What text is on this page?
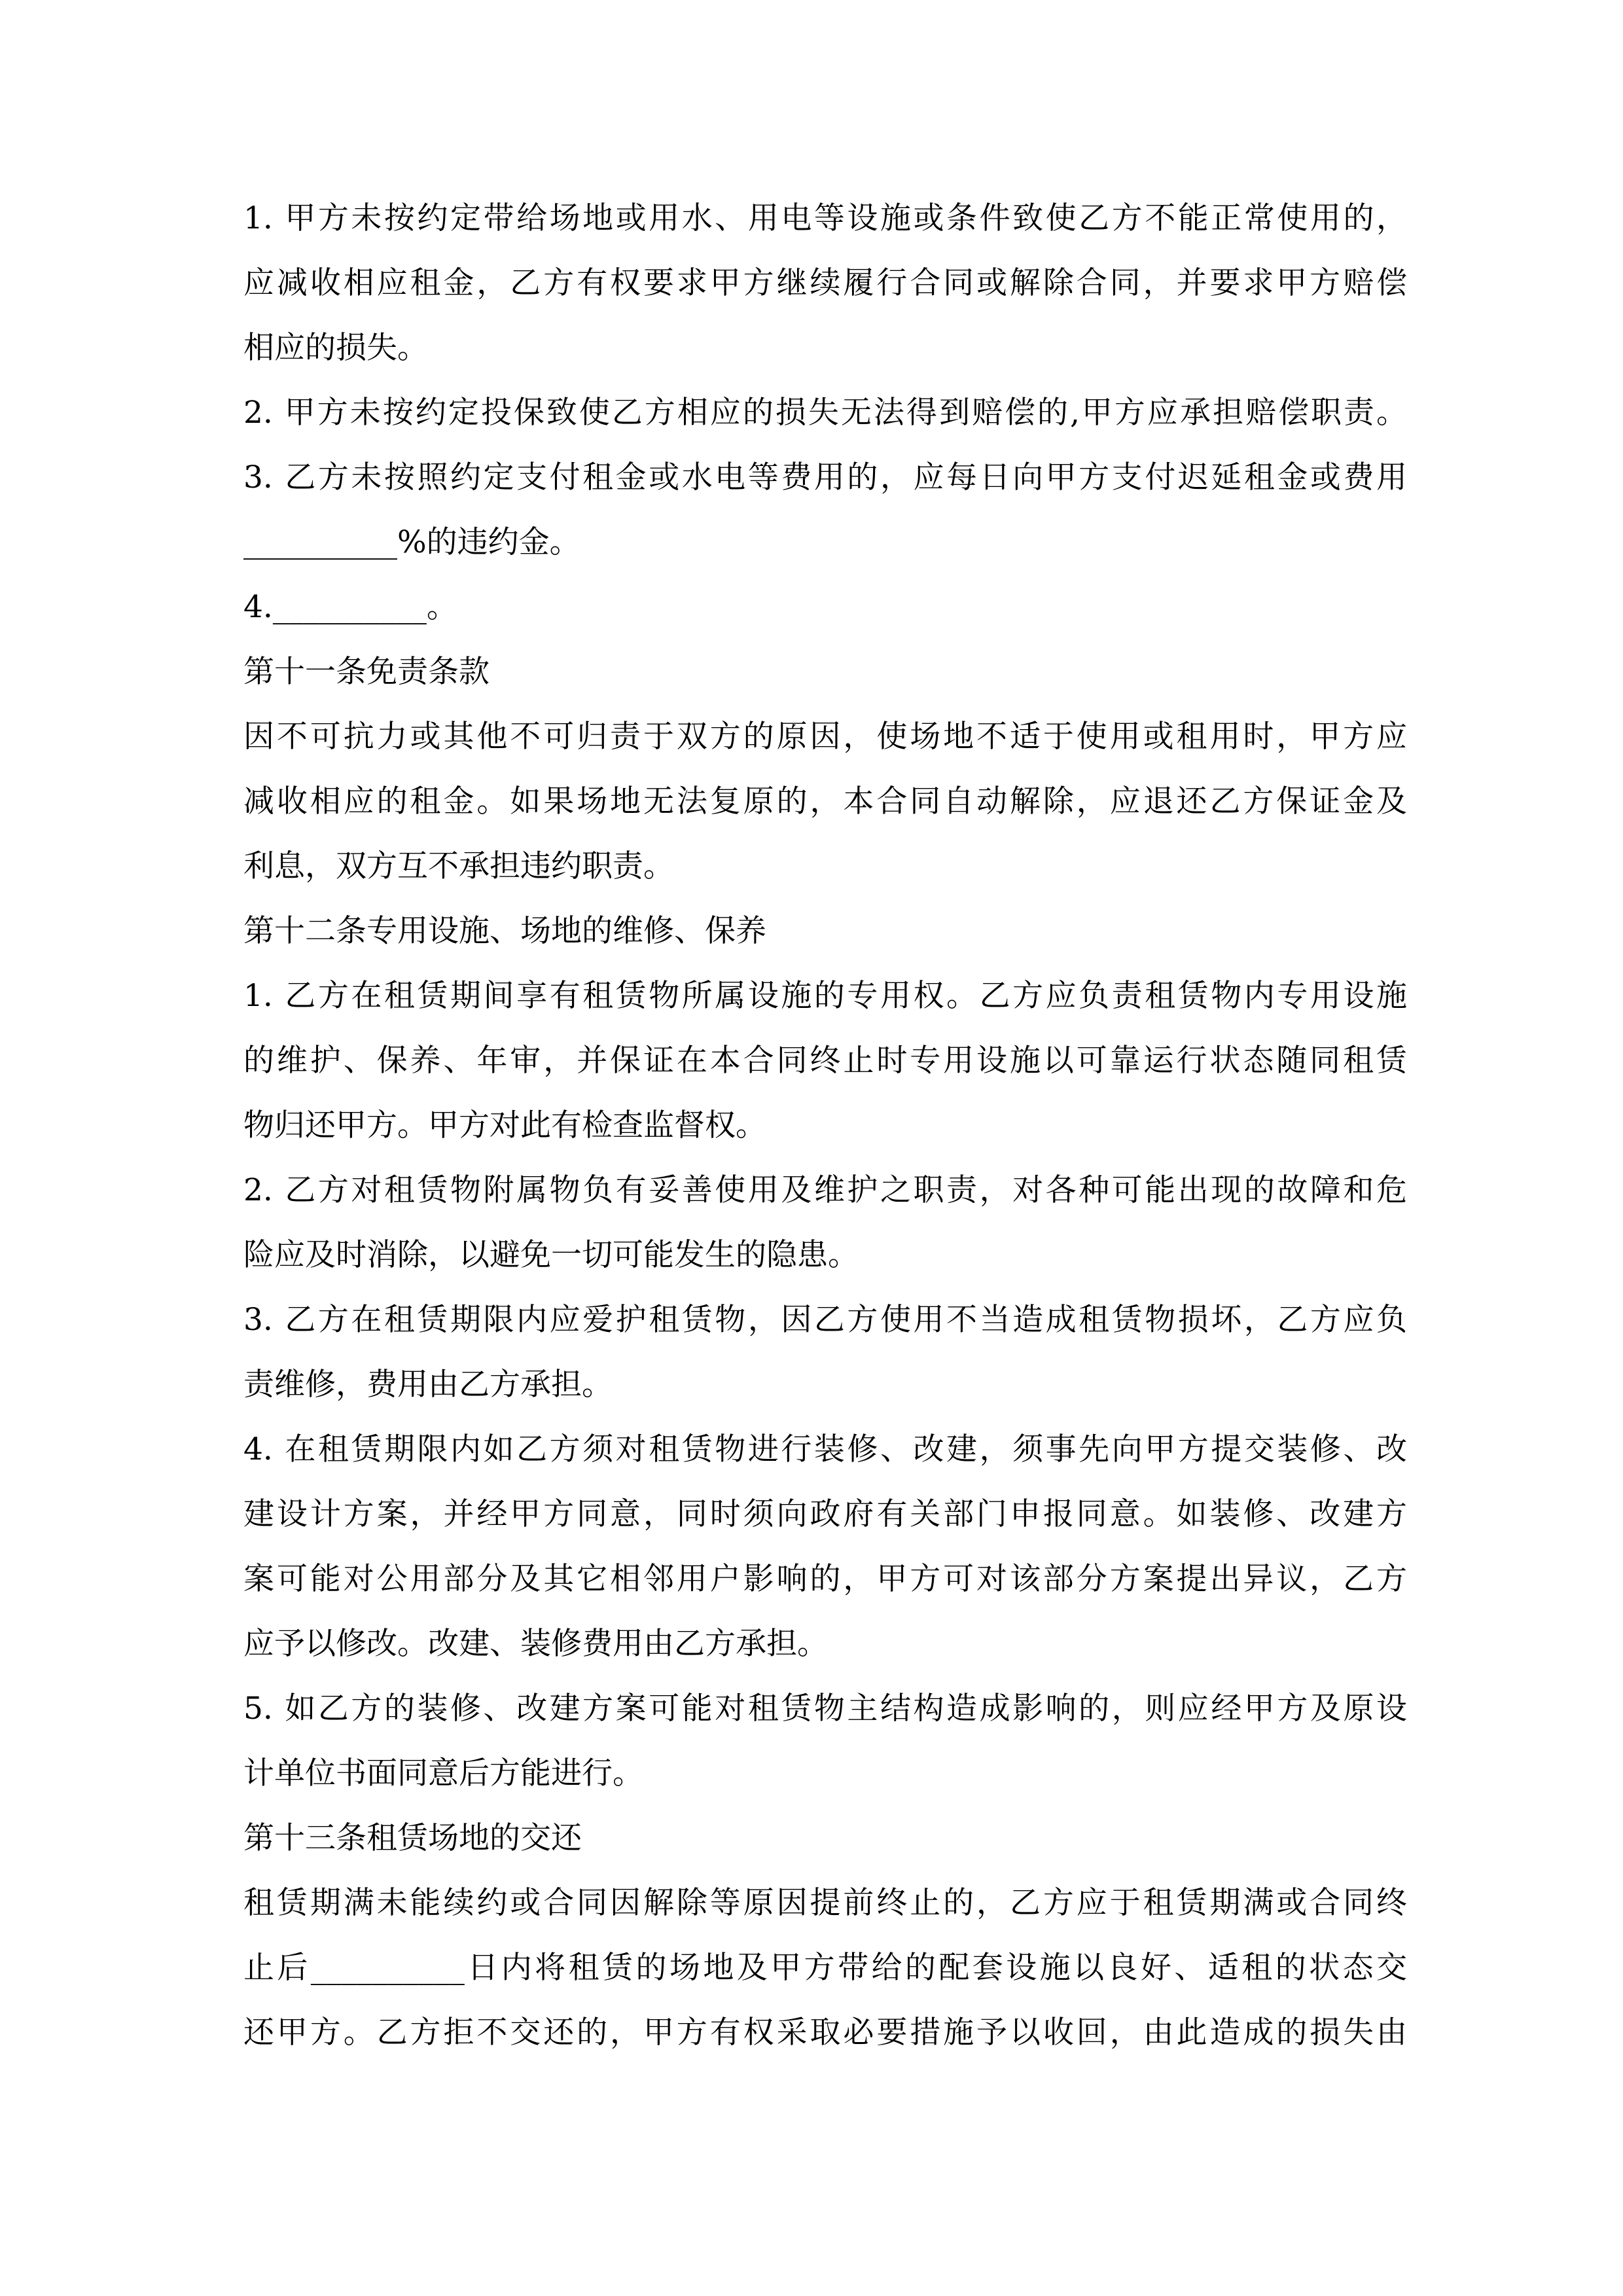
1. 甲方未按约定带给场地或用水、用电等设施或条件致使乙方不能正常使用的，
应减收相应租金，乙方有权要求甲方继续履行合同或解除合同，并要求甲方赔偿
相应的损失。
2. 甲方未按约定投保致使乙方相应的损失无法得到赔偿的,甲方应承担赔偿职责。
3. 乙方未按照约定支付租金或水电等费用的，应每日向甲方支付迟延租金或费用
__________%的违约金。
4.__________。
第十一条免责条款
因不可抗力或其他不可归责于双方的原因，使场地不适于使用或租用时，甲方应
减收相应的租金。如果场地无法复原的，本合同自动解除，应退还乙方保证金及
利息，双方互不承担违约职责。
第十二条专用设施、场地的维修、保养
1. 乙方在租赁期间享有租赁物所属设施的专用权。乙方应负责租赁物内专用设施
的维护、保养、年审，并保证在本合同终止时专用设施以可靠运行状态随同租赁
物归还甲方。甲方对此有检查监督权。
2. 乙方对租赁物附属物负有妥善使用及维护之职责，对各种可能出现的故障和危
险应及时消除，以避免一切可能发生的隐患。
3. 乙方在租赁期限内应爱护租赁物，因乙方使用不当造成租赁物损坏，乙方应负
责维修，费用由乙方承担。
4. 在租赁期限内如乙方须对租赁物进行装修、改建，须事先向甲方提交装修、改
建设计方案，并经甲方同意，同时须向政府有关部门申报同意。如装修、改建方
案可能对公用部分及其它相邻用户影响的，甲方可对该部分方案提出异议，乙方
应予以修改。改建、装修费用由乙方承担。
5. 如乙方的装修、改建方案可能对租赁物主结构造成影响的，则应经甲方及原设
计单位书面同意后方能进行。
第十三条租赁场地的交还
租赁期满未能续约或合同因解除等原因提前终止的，乙方应于租赁期满或合同终
止后__________日内将租赁的场地及甲方带给的配套设施以良好、适租的状态交
还甲方。乙方拒不交还的，甲方有权采取必要措施予以收回，由此造成的损失由
